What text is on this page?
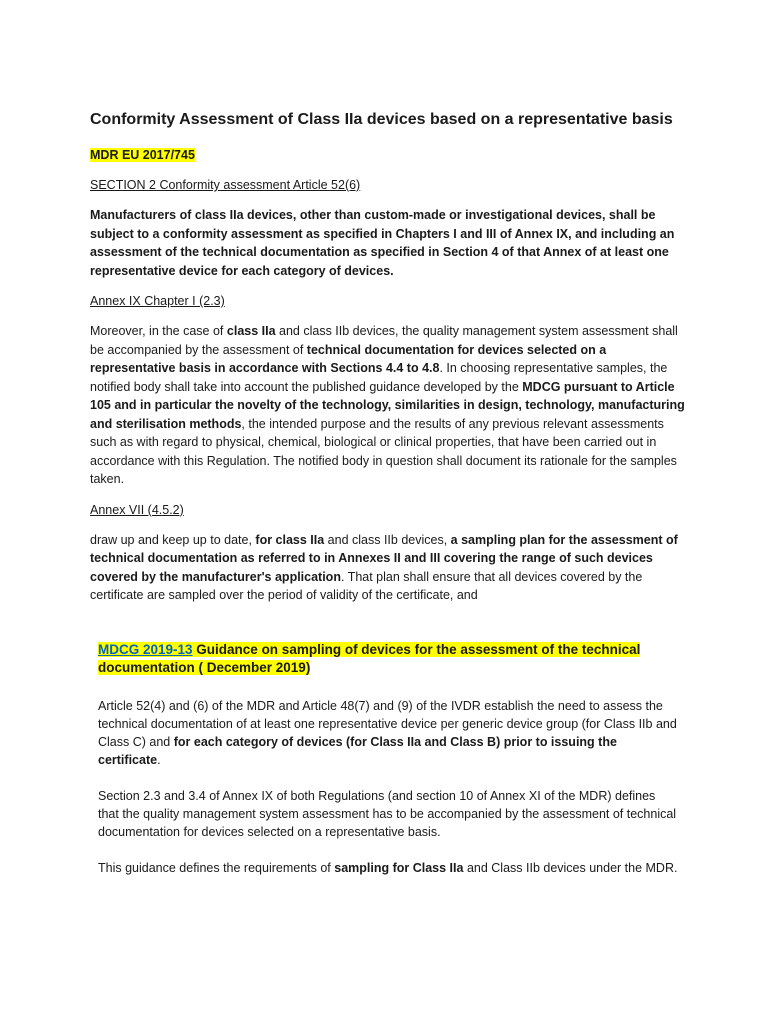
Conformity Assessment of Class IIa devices based on a representative basis

MDR EU 2017/745

SECTION 2 Conformity assessment Article 52(6)

Manufacturers of class IIa devices, other than custom-made or investigational devices, shall be subject to a conformity assessment as specified in Chapters I and III of Annex IX, and including an assessment of the technical documentation as specified in Section 4 of that Annex of at least one representative device for each category of devices.

Annex IX Chapter I (2.3)

Moreover, in the case of class IIa and class IIb devices, the quality management system assessment shall be accompanied by the assessment of technical documentation for devices selected on a representative basis in accordance with Sections 4.4 to 4.8. In choosing representative samples, the notified body shall take into account the published guidance developed by the MDCG pursuant to Article 105 and in particular the novelty of the technology, similarities in design, technology, manufacturing and sterilisation methods, the intended purpose and the results of any previous relevant assessments such as with regard to physical, chemical, biological or clinical properties, that have been carried out in accordance with this Regulation. The notified body in question shall document its rationale for the samples taken.

Annex VII (4.5.2)

draw up and keep up to date, for class IIa and class IIb devices, a sampling plan for the assessment of technical documentation as referred to in Annexes II and III covering the range of such devices covered by the manufacturer's application. That plan shall ensure that all devices covered by the certificate are sampled over the period of validity of the certificate, and

MDCG 2019-13 Guidance on sampling of devices for the assessment of the technical documentation ( December 2019)

Article 52(4) and (6) of the MDR and Article 48(7) and (9) of the IVDR establish the need to assess the technical documentation of at least one representative device per generic device group (for Class IIb and Class C) and for each category of devices (for Class IIa and Class B) prior to issuing the certificate.

Section 2.3 and 3.4 of Annex IX of both Regulations (and section 10 of Annex XI of the MDR) defines that the quality management system assessment has to be accompanied by the assessment of technical documentation for devices selected on a representative basis.

This guidance defines the requirements of sampling for Class IIa and Class IIb devices under the MDR.
